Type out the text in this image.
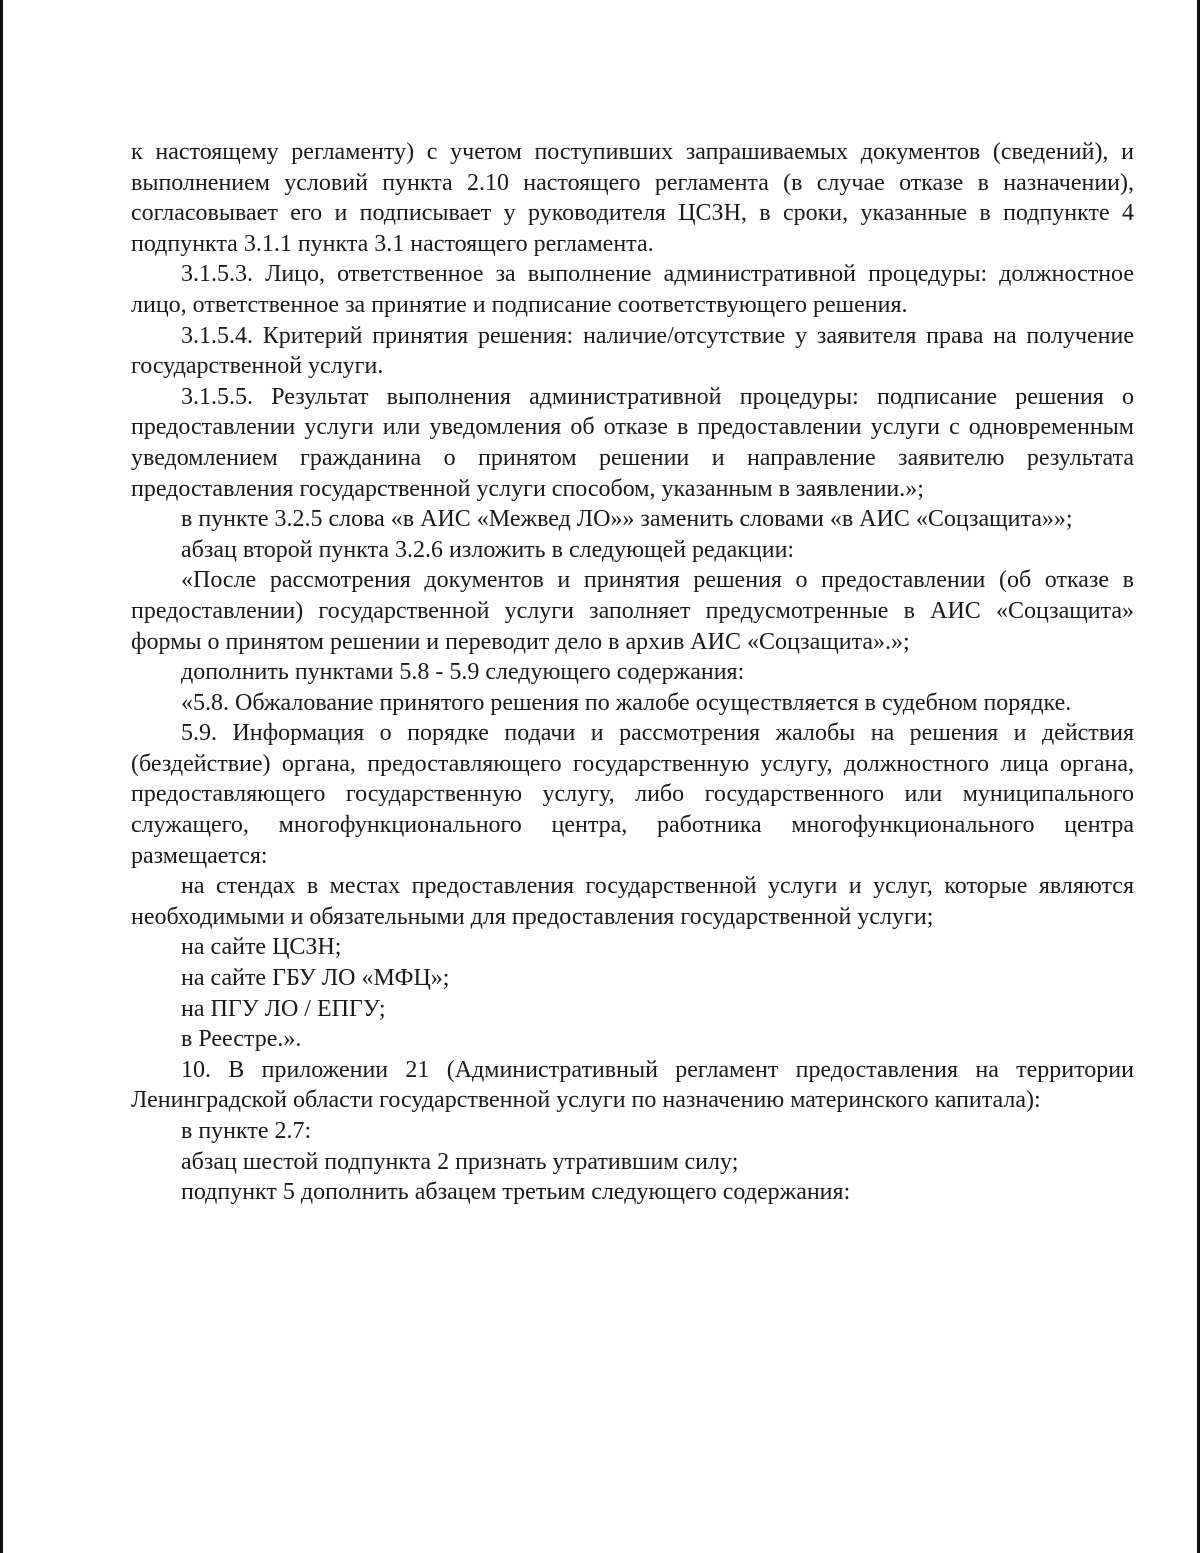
к настоящему регламенту) с учетом поступивших запрашиваемых документов (сведений), и выполнением условий пункта 2.10 настоящего регламента (в случае отказе в назначении), согласовывает его и подписывает у руководителя ЦСЗН, в сроки, указанные в подпункте 4 подпункта 3.1.1 пункта 3.1 настоящего регламента.

3.1.5.3. Лицо, ответственное за выполнение административной процедуры: должностное лицо, ответственное за принятие и подписание соответствующего решения.

3.1.5.4. Критерий принятия решения: наличие/отсутствие у заявителя права на получение государственной услуги.

3.1.5.5. Результат выполнения административной процедуры: подписание решения о предоставлении услуги или уведомления об отказе в предоставлении услуги с одновременным уведомлением гражданина о принятом решении и направление заявителю результата предоставления государственной услуги способом, указанным в заявлении.»;

в пункте 3.2.5 слова «в АИС «Межвед ЛО»» заменить словами «в АИС «Соцзащита»»;

абзац второй пункта 3.2.6 изложить в следующей редакции:

«После рассмотрения документов и принятия решения о предоставлении (об отказе в предоставлении) государственной услуги заполняет предусмотренные в АИС «Соцзащита» формы о принятом решении и переводит дело в архив АИС «Соцзащита».»;

дополнить пунктами 5.8 - 5.9 следующего содержания:

«5.8. Обжалование принятого решения по жалобе осуществляется в судебном порядке.

5.9. Информация о порядке подачи и рассмотрения жалобы на решения и действия (бездействие) органа, предоставляющего государственную услугу, должностного лица органа, предоставляющего государственную услугу, либо государственного или муниципального служащего, многофункционального центра, работника многофункционального центра размещается:

на стендах в местах предоставления государственной услуги и услуг, которые являются необходимыми и обязательными для предоставления государственной услуги;

на сайте ЦСЗН;

на сайте ГБУ ЛО «МФЦ»;

на ПГУ ЛО / ЕПГУ;

в Реестре.».

10. В приложении 21 (Административный регламент предоставления на территории Ленинградской области государственной услуги по назначению материнского капитала):

в пункте 2.7:

абзац шестой подпункта 2 признать утратившим силу;

подпункт 5 дополнить абзацем третьим следующего содержания:
